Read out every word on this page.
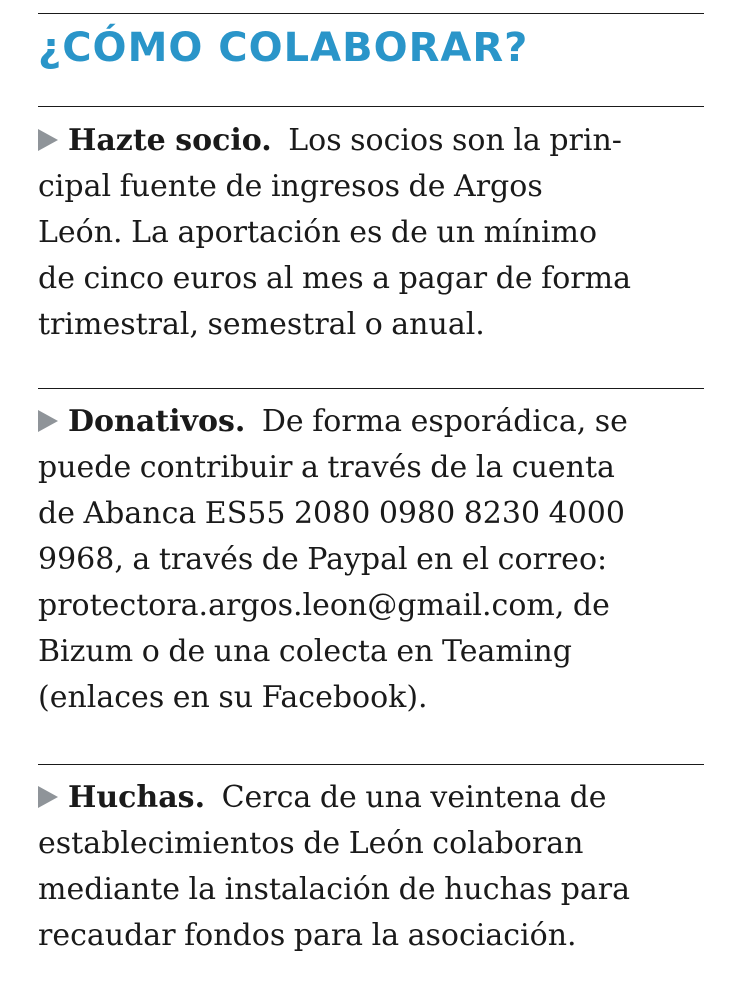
¿CÓMO COLABORAR?

Hazte socio. Los socios son la prin-
cipal fuente de ingresos de Argos
León. La aportación es de un mínimo
de cinco euros al mes a pagar de forma
trimestral, semestral o anual.

Donativos. De forma esporádica, se
puede contribuir a través de la cuenta
de Abanca ES55 2080 0980 8230 4000
9968, a través de Paypal en el correo:
protectora.argos.leon@gmail.com, de
Bizum o de una colecta en Teaming
(enlaces en su Facebook).

Huchas. Cerca de una veintena de
establecimientos de León colaboran
mediante la instalación de huchas para
recaudar fondos para la asociación.
